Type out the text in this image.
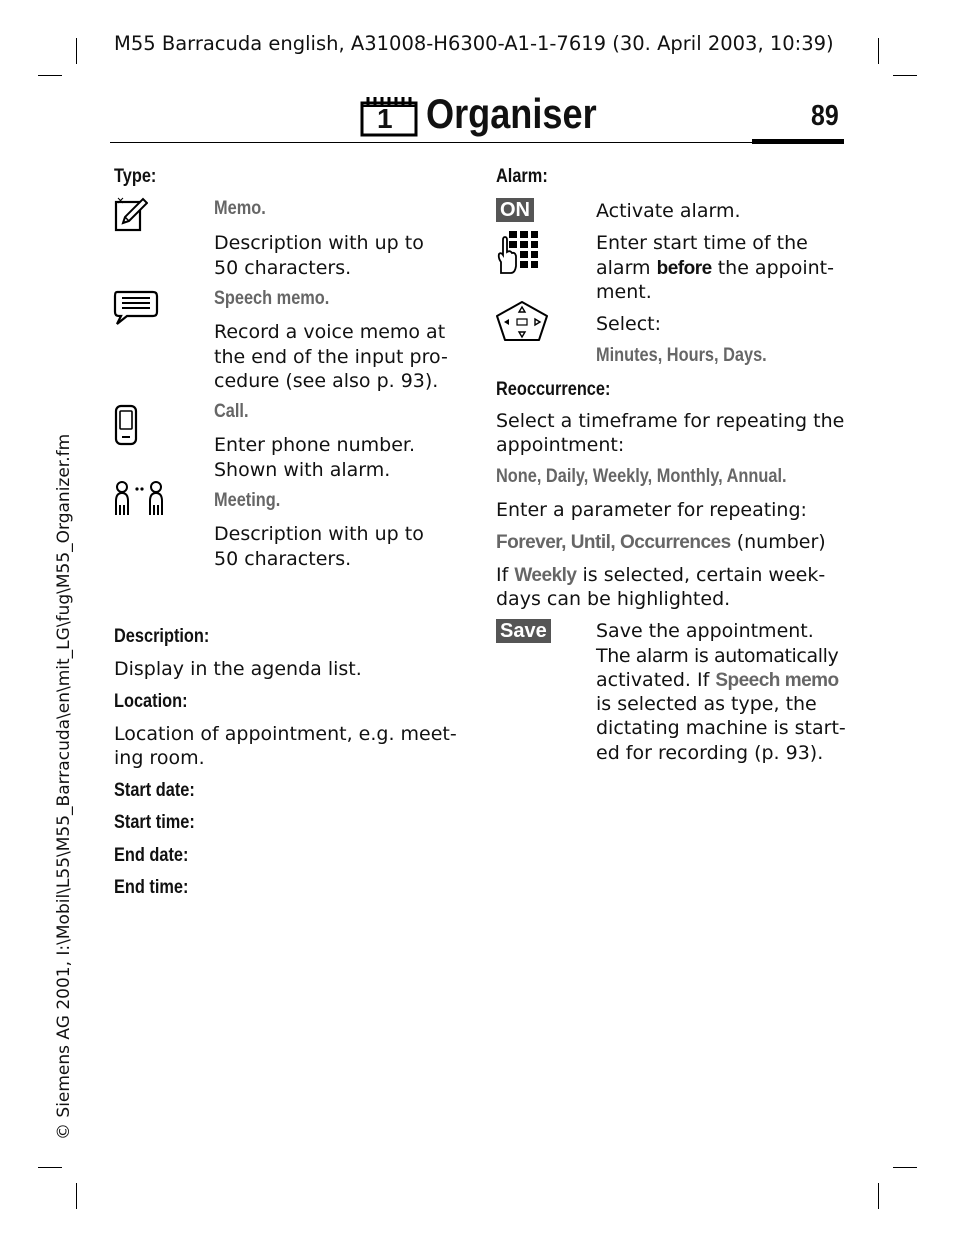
M55 Barracuda english, A31008-H6300-A1-1-7619 (30. April 2003, 10:39)
1 Organiser	89
© Siemens AG 2001, I:\Mobil\L55\M55_Barracuda\en\mit_LG\fug\M55_Organizer.fm
Type:
Memo.
Description with up to
50 characters.
Speech memo.
Record a voice memo at
the end of the input pro-
cedure (see also p. 93).
Call.
Enter phone number.
Shown with alarm.
Meeting.
Description with up to
50 characters.
Description:
Display in the agenda list.
Location:
Location of appointment, e.g. meet-
ing room.
Start date:
Start time:
End date:
End time:
Alarm:
ON	Activate alarm.
Enter start time of the
alarm before the appoint-
ment.
Select:
Minutes, Hours, Days.
Reoccurrence:
Select a timeframe for repeating the
appointment:
None, Daily, Weekly, Monthly, Annual.
Enter a parameter for repeating:
Forever, Until, Occurrences (number)
If Weekly is selected, certain week-
days can be highlighted.
Save	Save the appointment.
The alarm is automatically
activated. If Speech memo
is selected as type, the
dictating machine is start-
ed for recording (p. 93).
